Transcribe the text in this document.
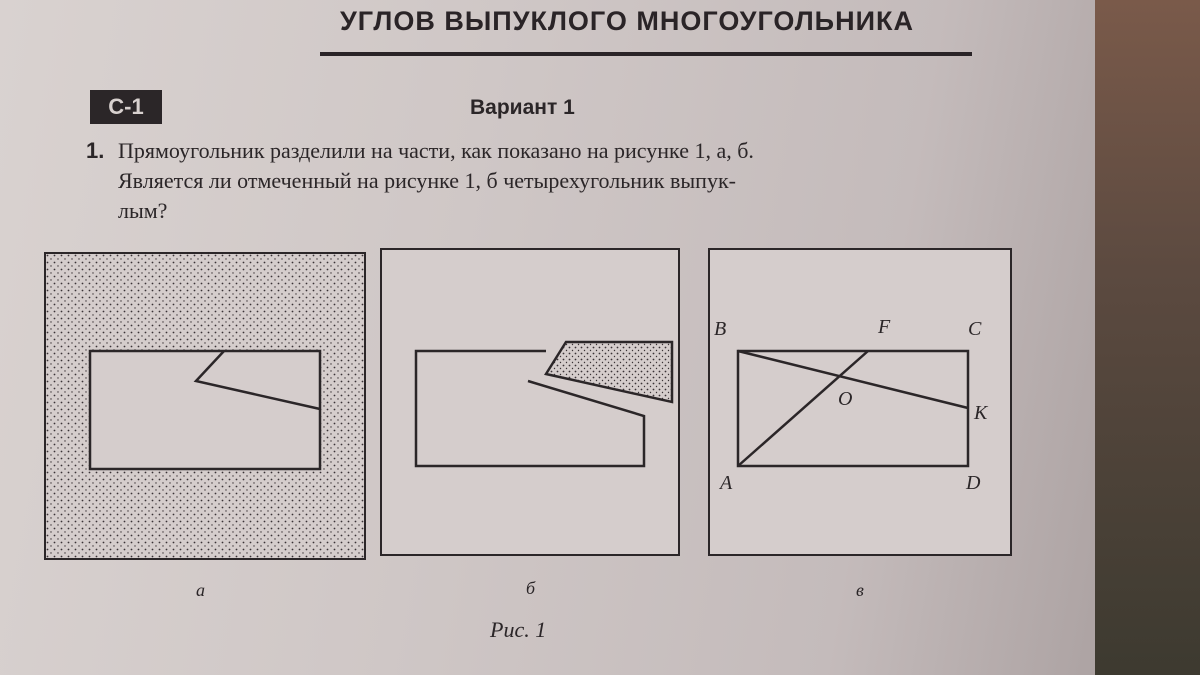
УГЛОВ ВЫПУКЛОГО МНОГОУГОЛЬНИКА
С-1	Вариант 1
1. Прямоугольник разделили на части, как показано на рисунке 1, а, б.
Является ли отмеченный на рисунке 1, б четырехугольник выпук-
лым?
B	F	C
O
K
A	D
а	б	в
Рис. 1
